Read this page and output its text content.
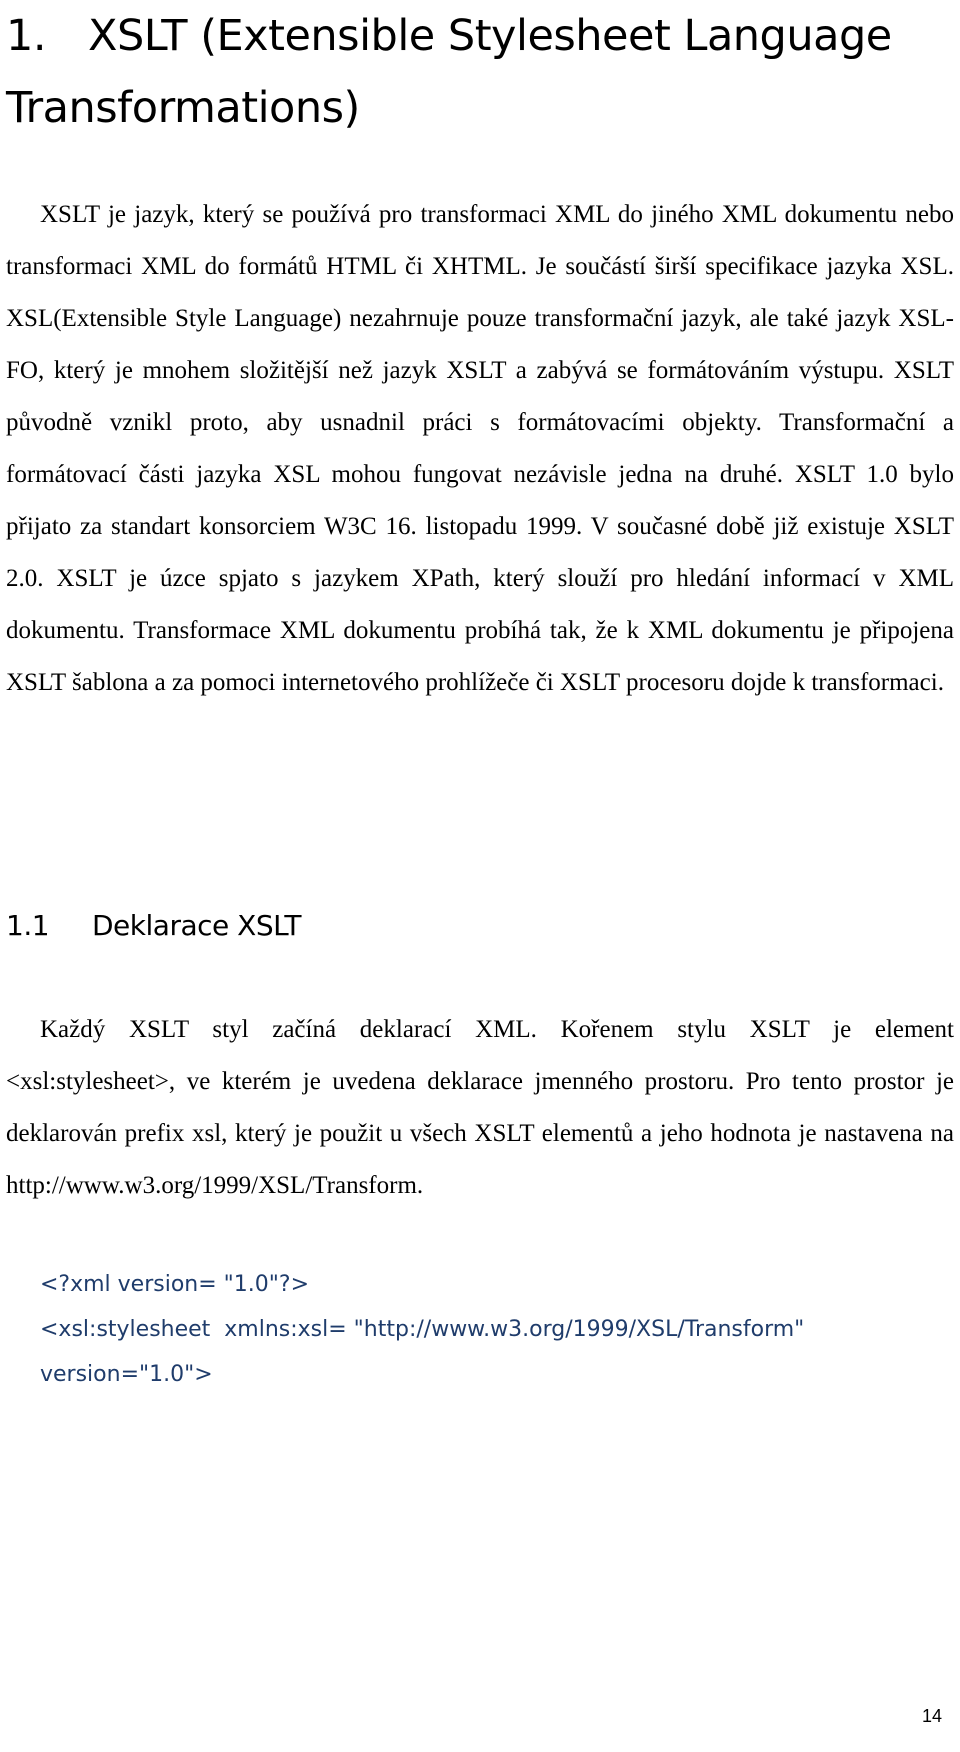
1. XSLT (Extensible Stylesheet Language Transformations)

XSLT je jazyk, který se používá pro transformaci XML do jiného XML dokumentu nebo transformaci XML do formátů HTML či XHTML. Je součástí širší specifikace jazyka XSL. XSL(Extensible Style Language) nezahrnuje pouze transformační jazyk, ale také jazyk XSL-FO, který je mnohem složitější než jazyk XSLT a zabývá se formátováním výstupu. XSLT původně vznikl proto, aby usnadnil práci s formátovacími objekty. Transformační a formátovací části jazyka XSL mohou fungovat nezávisle jedna na druhé. XSLT 1.0 bylo přijato za standart konsorciem W3C 16. listopadu 1999. V současné době již existuje XSLT 2.0. XSLT je úzce spjato s jazykem XPath, který slouží pro hledání informací v XML dokumentu. Transformace XML dokumentu probíhá tak, že k XML dokumentu je připojena XSLT šablona a za pomoci internetového prohlížeče či XSLT procesoru dojde k transformaci.

1.1 Deklarace XSLT

Každý XSLT styl začíná deklarací XML. Kořenem stylu XSLT je element <xsl:stylesheet>, ve kterém je uvedena deklarace jmenného prostoru. Pro tento prostor je deklarován prefix xsl, který je použit u všech XSLT elementů a jeho hodnota je nastavena na http://www.w3.org/1999/XSL/Transform.

<?xml version= "1.0"?>
<xsl:stylesheet  xmlns:xsl= "http://www.w3.org/1999/XSL/Transform"
version="1.0">
14
